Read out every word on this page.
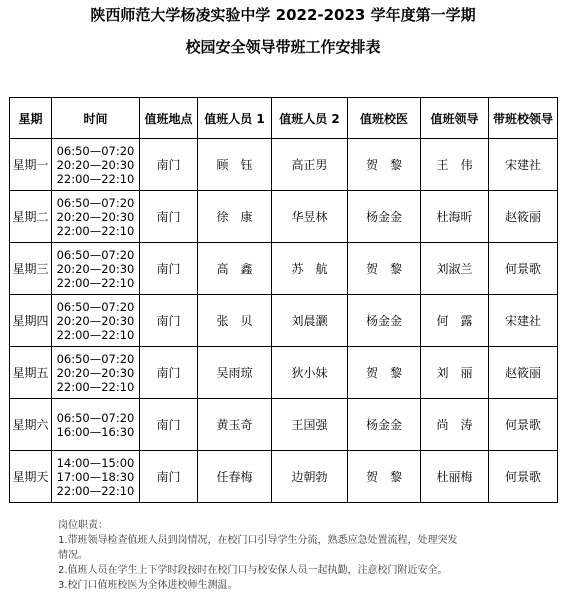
陕西师范大学杨凌实验中学 2022-2023 学年度第一学期
校园安全领导带班工作安排表
星期	时间	值班地点	值班人员 1	值班人员 2	值班校医	值班领导	带班校领导
星期一	06:50—07:20
20:20—20:30
22:00—22:10	南门	顾　钰	高正男	贺　黎	王　伟	宋建社
星期二	06:50—07:20
20:20—20:30
22:00—22:10	南门	徐　康	华昱林	杨金金	杜海昕	赵筱丽
星期三	06:50—07:20
20:20—20:30
22:00—22:10	南门	高　鑫	苏　航	贺　黎	刘淑兰	何景歌
星期四	06:50—07:20
20:20—20:30
22:00—22:10	南门	张　贝	刘晨灏	杨金金	何　露	宋建社
星期五	06:50—07:20
20:20—20:30
22:00—22:10	南门	吴雨琼	狄小妹	贺　黎	刘　丽	赵筱丽
星期六	06:50—07:20
16:00—16:30	南门	黄玉奇	王国强	杨金金	尚　涛	何景歌
星期天	14:00—15:00
17:00—18:30
22:00—22:10	南门	任春梅	边朝勃	贺　黎	杜丽梅	何景歌
岗位职责：
1.带班领导检查值班人员到岗情况，在校门口引导学生分流，熟悉应急处置流程，处理突发
情况。
2.值班人员在学生上下学时段按时在校门口与校安保人员一起执勤，注意校门附近安全。
3.校门口值班校医为全体进校师生测温。
